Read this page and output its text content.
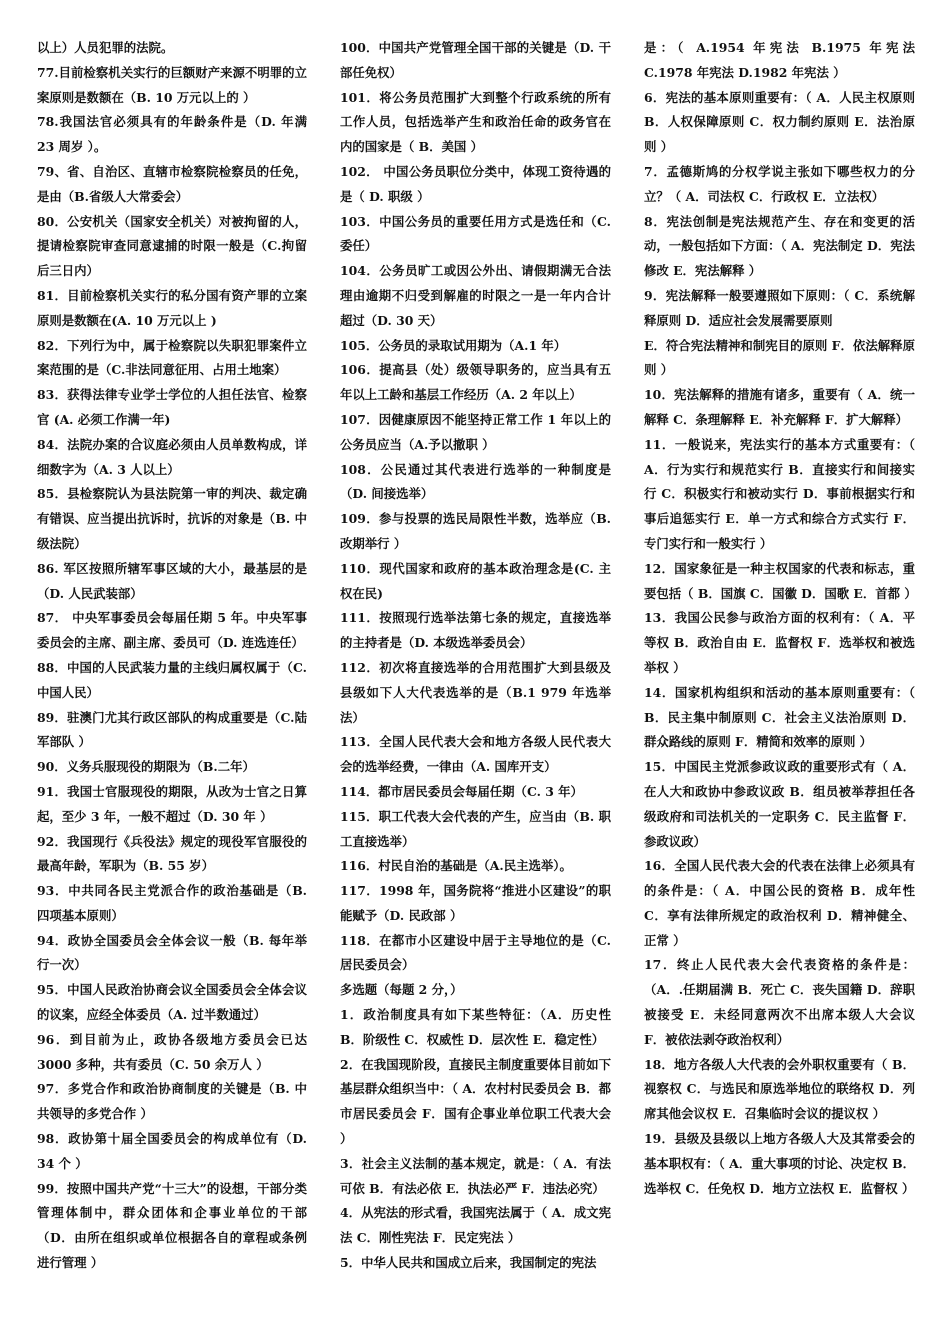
以上）人员犯罪的法院。

77.目前检察机关实行的巨额财产来源不明罪的立案原则是数额在（B. 10 万元以上的 ）

78.我国法官必须具有的年龄条件是（D. 年满 23 周岁 ）。

79、省、自治区、直辖市检察院检察员的任免，是由（B.省级人大常委会）

80．公安机关（国家安全机关）对被拘留的人，提请检察院审查同意逮捕的时限一般是（C.拘留后三日内）

81．目前检察机关实行的私分国有资产罪的立案原则是数额在(A. 10 万元以上 )

82．下列行为中，属于检察院以失职犯罪案件立案范围的是（C.非法同意征用、占用土地案）

83．获得法律专业学士学位的人担任法官、检察官 (A. 必须工作满一年)

84．法院办案的合议庭必须由人员单数构成，详细数字为（A. 3 人以上）

85．县检察院认为县法院第一审的判决、裁定确有错误、应当提出抗诉时，抗诉的对象是（B. 中级法院）

86. 军区按照所辖军事区域的大小，最基层的是（D. 人民武装部）

87． 中央军事委员会每届任期 5 年。中央军事委员会的主席、副主席、委员可（D. 连选连任）

88．中国的人民武装力量的主线归属权属于（C. 中国人民）

89．驻澳门尤其行政区部队的构成重要是（C.陆军部队 ）

90．义务兵服现役的期限为（B.二年）

91．我国士官服现役的期限，从改为士官之日算起，至少 3 年，一般不超过（D. 30 年 ）

92．我国现行《兵役法》规定的现役军官服役的最高年龄，军职为（B. 55 岁）

93．中共同各民主党派合作的政治基础是（B. 四项基本原则）

94．政协全国委员会全体会议一般（B. 每年举行一次）

95．中国人民政治协商会议全国委员会全体会议的议案，应经全体委员（A. 过半数通过）

96．到目前为止，政协各级地方委员会已达 3000 多种，共有委员（C. 50 余万人 ）

97．多党合作和政治协商制度的关键是（B. 中共领导的多党合作 ）

98．政协第十届全国委员会的构成单位有（D. 34 个 ）

99．按照中国共产党“十三大”的设想，干部分类管理体制中，群众团体和企事业单位的干部（D．由所在组织或单位根据各自的章程或条例进行管理 ）

100．中国共产党管理全国干部的关键是（D. 干部任免权）

101．将公务员范围扩大到整个行政系统的所有工作人员，包括选举产生和政治任命的政务官在内的国家是（ B．美国 ）

102． 中国公务员职位分类中，体现工资待遇的是（ D. 职级 ）

103．中国公务员的重要任用方式是选任和（C. 委任）

104．公务员旷工或因公外出、请假期满无合法理由逾期不归受到解雇的时限之一是一年内合计超过（D. 30 天）

105．公务员的录取试用期为（A.1 年）

106．提高县（处）级领导职务的，应当具有五年以上工龄和基层工作经历（A. 2 年以上）

107．因健康原因不能坚持正常工作 1 年以上的公务员应当（A.予以撤职 ）

108．公民通过其代表进行选举的一种制度是（D. 间接选举）

109．参与投票的选民局限性半数，选举应（B. 改期举行 ）

110．现代国家和政府的基本政治理念是(C. 主权在民)

111．按照现行选举法第七条的规定，直接选举的主持者是（D. 本级选举委员会）

112．初次将直接选举的合用范围扩大到县级及县级如下人大代表选举的是（B.1 979 年选举法）

113．全国人民代表大会和地方各级人民代表大会的选举经费，一律由（A. 国库开支）

114．都市居民委员会每届任期（C. 3 年）

115．职工代表大会代表的产生，应当由（B. 职工直接选举）

116．村民自治的基础是（A.民主选举）。

117．1998 年，国务院将“推进小区建设”的职能赋予（D. 民政部 ）

118．在都市小区建设中居于主导地位的是（C. 居民委员会）

多选题（每题 2 分，）

1．政治制度具有如下某些特征：（A．历史性 B．阶级性 C．权威性 D．层次性 E．稳定性）

2．在我国现阶段，直接民主制度重要体目前如下基层群众组织当中：（ A．农村村民委员会 B．都市居民委员会 F．国有企事业单位职工代表大会 ）

3．社会主义法制的基本规定，就是：（ A．有法可依 B．有法必依 E．执法必严 F．违法必究）

4．从宪法的形式看，我国宪法属于（ A．成文宪法 C．刚性宪法 F．民定宪法 ）

5．中华人民共和国成立后来，我国制定的宪法

是：（ A.1954 年宪法 B.1975 年宪法 C.1978 年宪法 D.1982 年宪法 ）

6．宪法的基本原则重要有：（ A．人民主权原则 B．人权保障原则 C．权力制约原则 E．法治原则 ）

7．孟德斯鸠的分权学说主张如下哪些权力的分立？（ A．司法权 C．行政权 E．立法权）

8．宪法创制是宪法规范产生、存在和变更的活动，一般包括如下方面：（ A．宪法制定 D．宪法修改 E．宪法解释 ）

9．宪法解释一般要遵照如下原则：（ C．系统解释原则 D．适应社会发展需要原则

E．符合宪法精神和制宪目的原则 F．依法解释原则 ）

10．宪法解释的措施有诸多，重要有（ A．统一解释 C．条理解释 E．补充解释 F．扩大解释）

11．一般说来，宪法实行的基本方式重要有：（ A．行为实行和规范实行 B．直接实行和间接实行 C．积极实行和被动实行 D．事前根据实行和事后追惩实行 E．单一方式和综合方式实行 F．专门实行和一般实行 ）

12．国家象征是一种主权国家的代表和标志，重要包括（ B．国旗 C．国徽 D．国歌 E．首都 ）

13．我国公民参与政治方面的权利有：（ A．平等权 B．政治自由 E．监督权 F．选举权和被选举权 ）

14．国家机构组织和活动的基本原则重要有：（ B．民主集中制原则 C．社会主义法治原则 D．群众路线的原则 F．精简和效率的原则 ）

15．中国民主党派参政议政的重要形式有（ A．在人大和政协中参政议政 B．组员被举荐担任各级政府和司法机关的一定职务 C．民主监督 F．参政议政）

16．全国人民代表大会的代表在法律上必须具有的条件是：（ A．中国公民的资格 B．成年性 C．享有法律所规定的政治权利 D．精神健全、正常 ）

17．终止人民代表大会代表资格的条件是：（A．.任期届满 B．死亡 C．丧失国籍 D．辞职被接受 E．未经同意两次不出席本级人大会议 F．被依法剥夺政治权利）

18．地方各级人大代表的会外职权重要有（ B．视察权 C．与选民和原选举地位的联络权 D．列席其他会议权 E．召集临时会议的提议权 ）

19．县级及县级以上地方各级人大及其常委会的基本职权有：（ A．重大事项的讨论、决定权 B．选举权 C．任免权 D．地方立法权 E．监督权 ）
